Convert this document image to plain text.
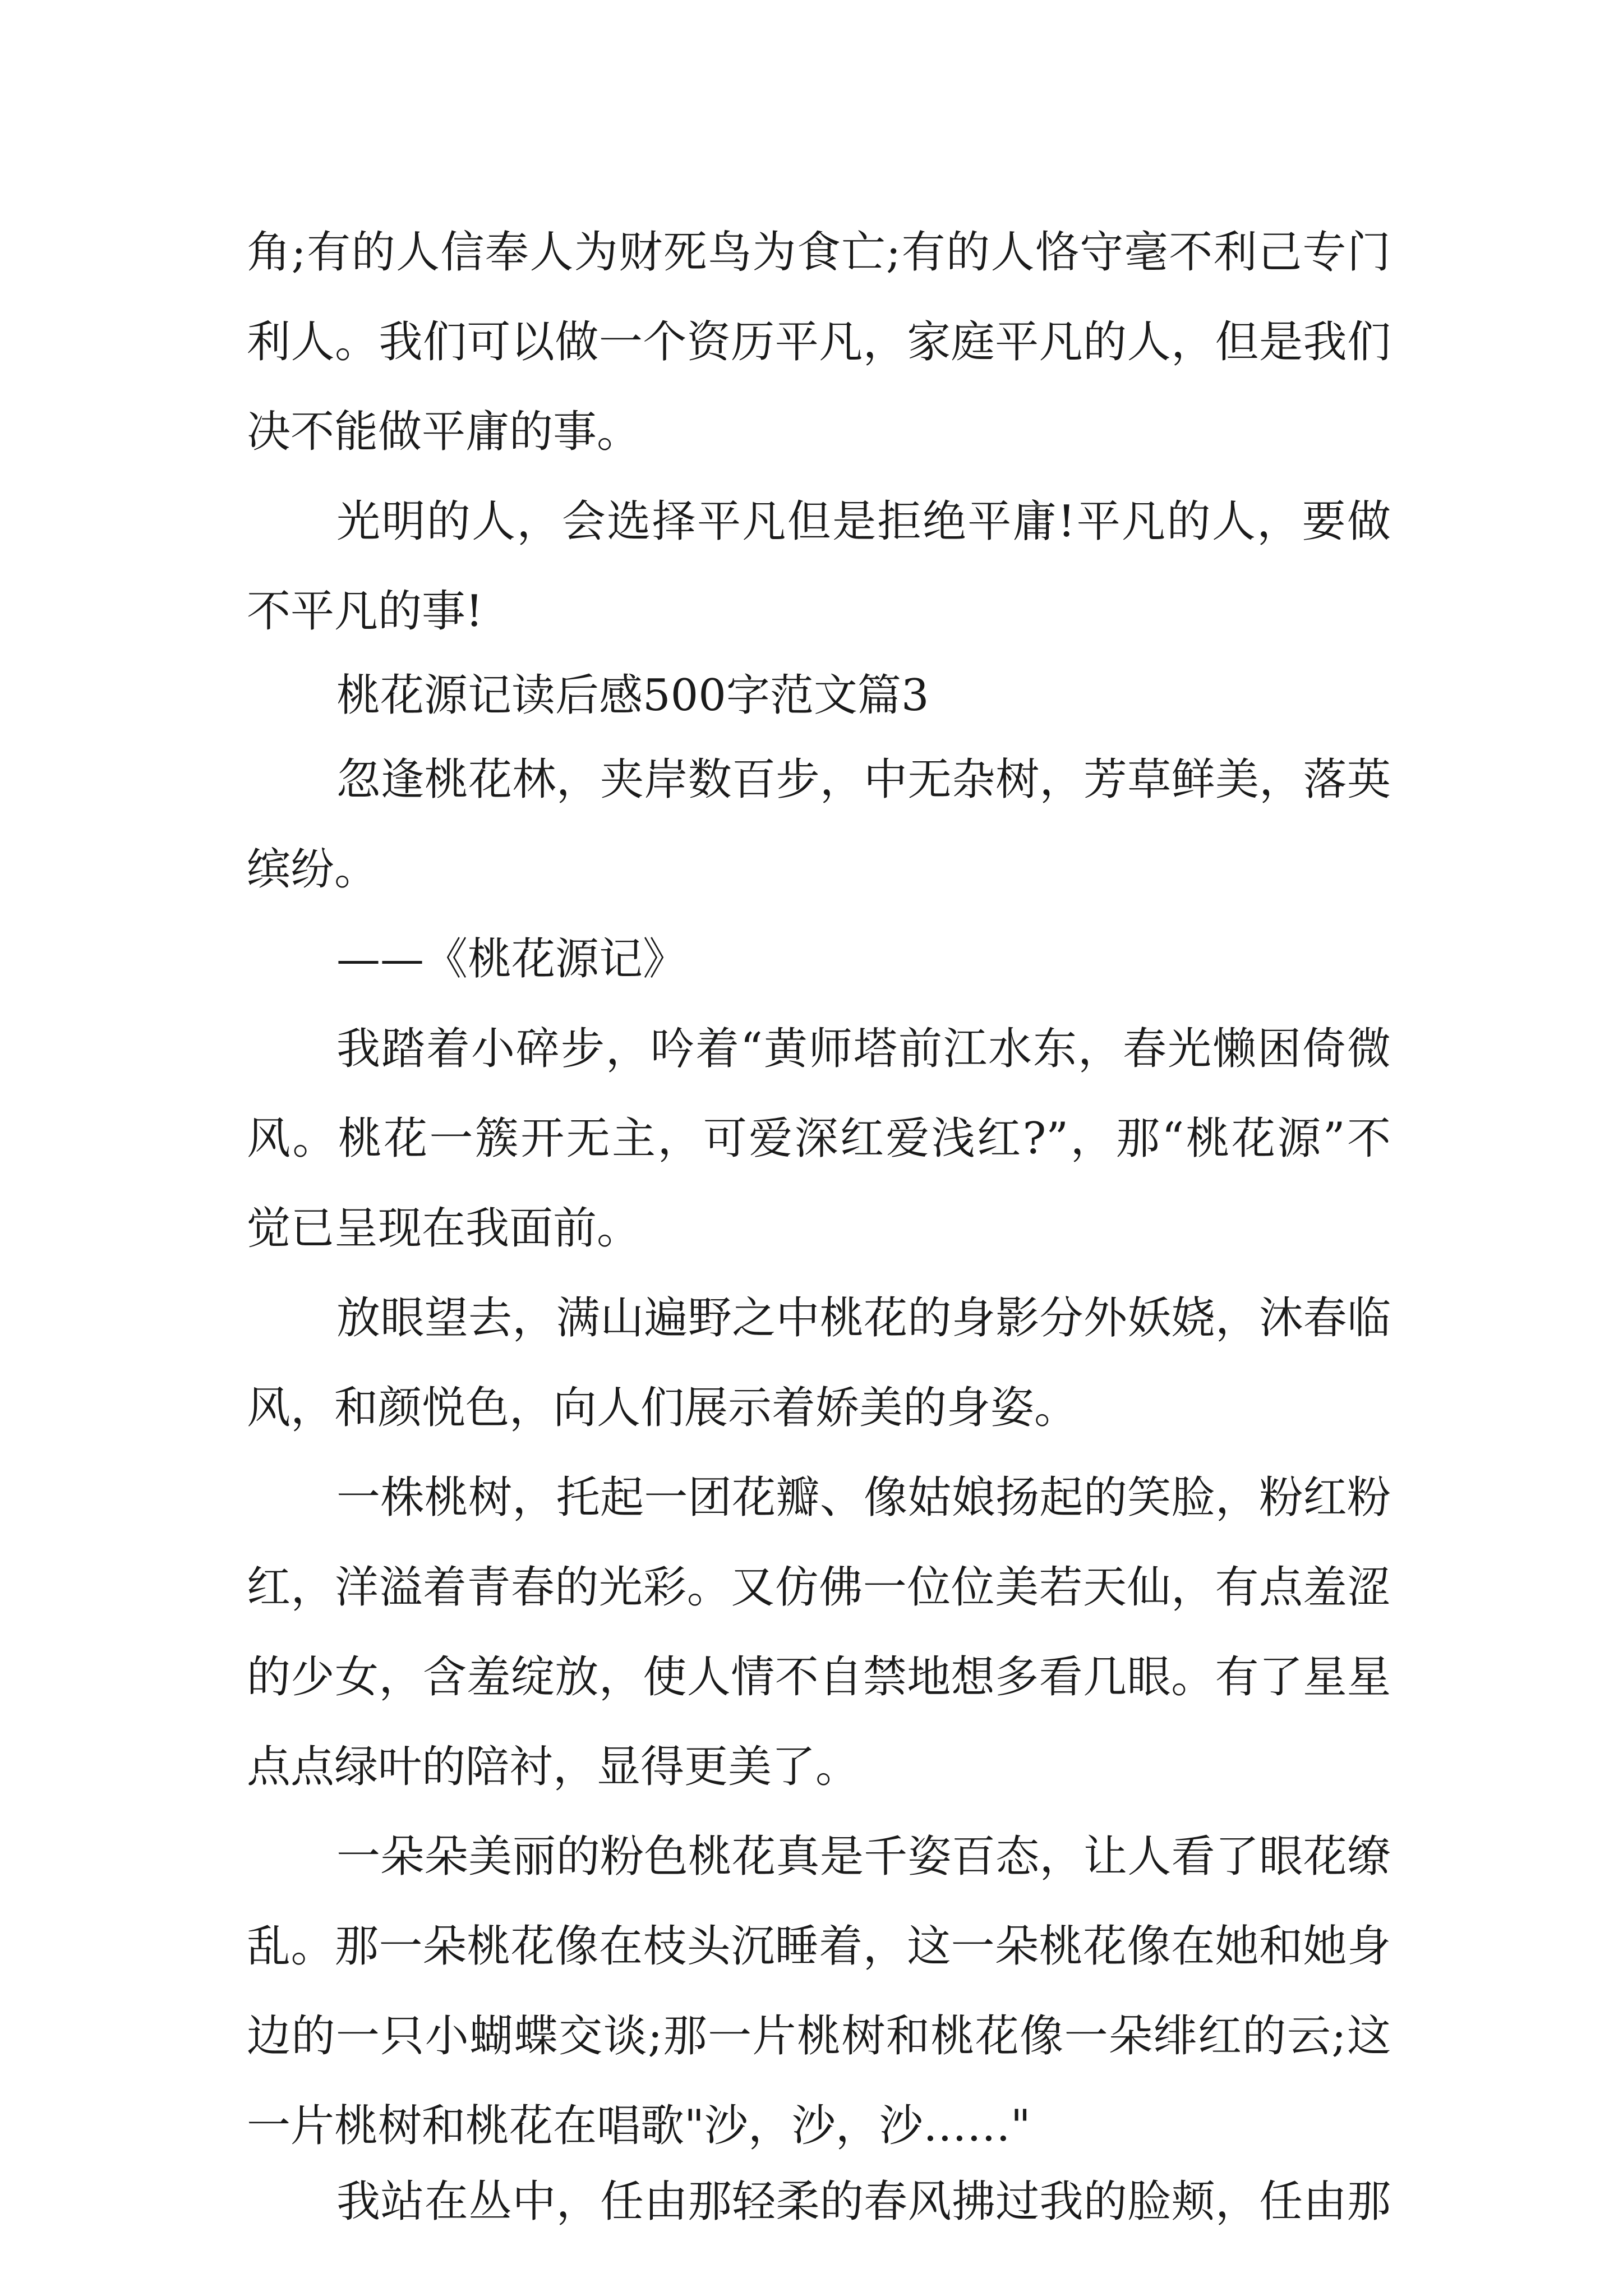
角;有的人信奉人为财死鸟为食亡;有的人恪守毫不利己专门
利人。我们可以做一个资历平凡，家庭平凡的人，但是我们
决不能做平庸的事。
光明的人，会选择平凡但是拒绝平庸!平凡的人，要做
不平凡的事!
桃花源记读后感500字范文篇3
忽逢桃花林，夹岸数百步，中无杂树，芳草鲜美，落英
缤纷。
——《桃花源记》
我踏着小碎步，吟着“黄师塔前江水东，春光懒困倚微
风。桃花一簇开无主，可爱深红爱浅红?”，那“桃花源”不
觉已呈现在我面前。
放眼望去，满山遍野之中桃花的身影分外妖娆，沐春临
风，和颜悦色，向人们展示着娇美的身姿。
一株桃树，托起一团花瓣、像姑娘扬起的笑脸，粉红粉
红，洋溢着青春的光彩。又仿佛一位位美若天仙，有点羞涩
的少女，含羞绽放，使人情不自禁地想多看几眼。有了星星
点点绿叶的陪衬，显得更美了。
一朵朵美丽的粉色桃花真是千姿百态，让人看了眼花缭
乱。那一朵桃花像在枝头沉睡着，这一朵桃花像在她和她身
边的一只小蝴蝶交谈;那一片桃树和桃花像一朵绯红的云;这
一片桃树和桃花在唱歌"沙，沙，沙……"
我站在丛中，任由那轻柔的春风拂过我的脸颊，任由那
